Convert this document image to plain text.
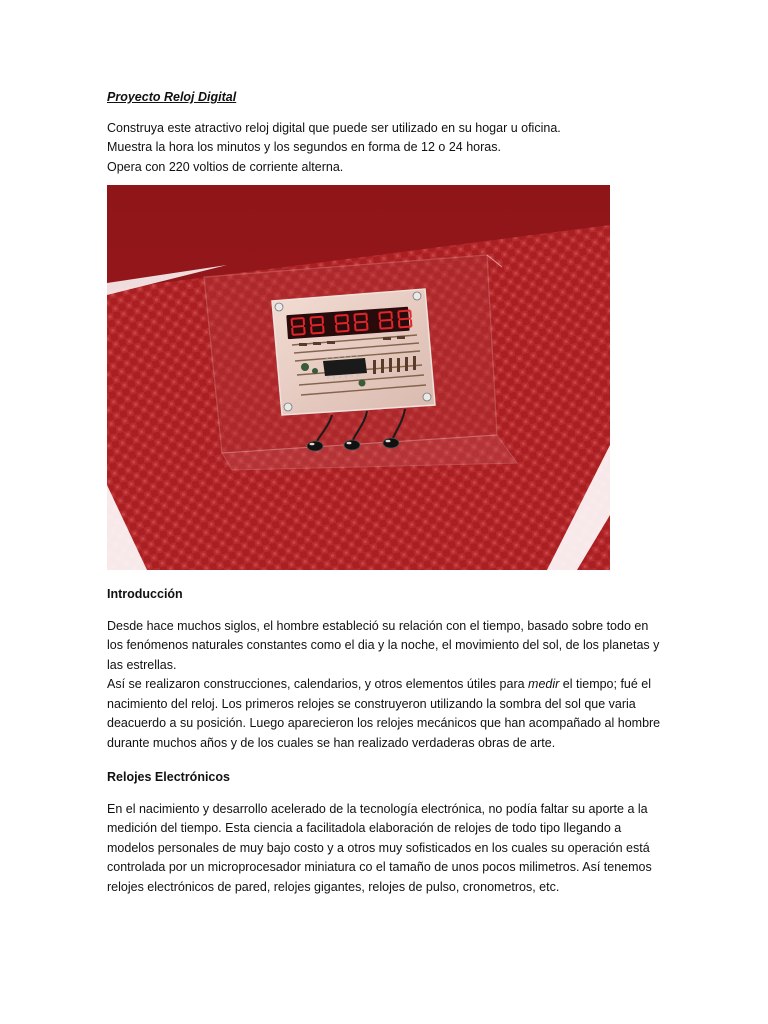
Proyecto Reloj Digital

Construya este atractivo reloj digital que puede ser utilizado en su hogar u oficina.

Muestra la hora los minutos y los segundos en forma de 12 o 24 horas.

Opera con 220 voltios de corriente alterna.

Introducción

Desde hace muchos siglos, el hombre estableció su relación con el tiempo, basado sobre todo en los fenómenos naturales constantes como el dia y la noche, el movimiento del sol, de los planetas y las estrellas.

Así se realizaron construcciones, calendarios, y otros elementos útiles para medir el tiempo; fué el nacimiento del reloj. Los primeros relojes se construyeron utilizando la sombra del sol que varia deacuerdo a su posición. Luego aparecieron los relojes mecánicos que han acompañado al hombre durante muchos años y de los cuales se han realizado verdaderas obras de arte.

Relojes Electrónicos

En el nacimiento y desarrollo acelerado de la tecnología electrónica, no podía faltar su aporte a la medición del tiempo. Esta ciencia a facilitadola elaboración de relojes de todo tipo llegando a modelos personales de muy bajo costo y a otros muy sofisticados en los cuales su operación está controlada por un microprocesador miniatura co el tamaño de unos pocos milimetros. Así tenemos relojes electrónicos de pared, relojes gigantes, relojes de pulso, cronometros, etc.
